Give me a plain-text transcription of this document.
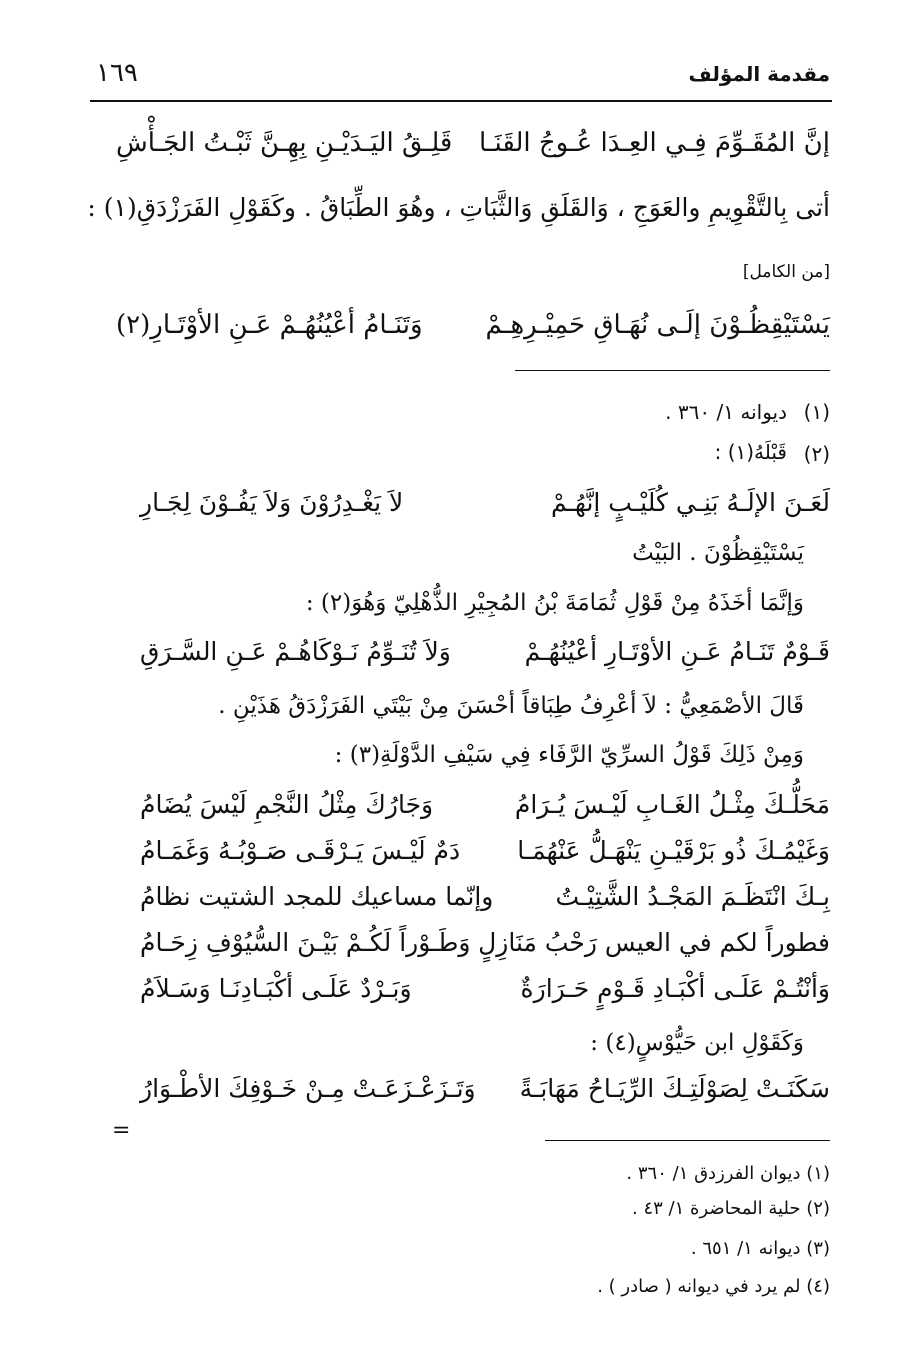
مقدمة المؤلف
١٦٩
إنَّ المُقَـوِّمَ فِـي العِـدَا عُـوجُ القَنَـا
قَلِـقُ اليَـدَيْـنِ بِهِـنَّ ثَبْـتُ الجَـأْشِ
أتى بِالتَّقْوِيمِ والعَوَجِ ، وَالقَلَقِ وَالثَّبَاتِ ، وهُوَ الطِّبَاقُ . وكَقَوْلِ الفَرَزْدَقِ(١) :
[من الكامل]
يَسْتَيْقِظُـوْنَ إلَـى نُهَـاقِ حَمِيْـرِهِـمْ
وَتَنَـامُ أعْيُنُهُـمْ عَـنِ الأوْتَـارِ(٢)
(١)
ديوانه ١/ ٣٦٠ .
(٢)
قَبْلَهُ(١) :
لَعَـنَ الإلَـهُ بَنِـي كُلَيْـبٍ إنَّهُـمْ
لاَ يَغْـدِرُوْنَ وَلاَ يَفُـوْنَ لِجَـارِ
يَسْتَيْقِظُوْنَ . البَيْتُ
وَإنَّمَا أخَذَهُ مِنْ قَوْلِ ثُمَامَةَ بْنُ المُجِيْرِ الذُّهْلِيّ وَهُوَ(٢) :
قَـوْمٌ تَنَـامُ عَـنِ الأوْتَـارِ أعْيُنُهُـمْ
وَلاَ تُنَـوِّمُ نَـوْكَاهُـمْ عَـنِ السَّـرَقِ
قَالَ الأصْمَعِيُّ : لاَ أعْرِفُ طِبَاقاً أحْسَنَ مِنْ بَيْتَي الفَرَزْدَقُ هَذَيْنِ .
وَمِنْ ذَلِكَ قَوْلُ السرِّيّ الرَّفَاء فِي سَيْفِ الدَّوْلَةِ(٣) :
مَحَلُّـكَ مِثْـلُ الغَـابِ لَيْـسَ يُـرَامُ
وَجَارُكَ مِثْلُ النَّجْمِ لَيْسَ يُضَامُ
وَغَيْمُـكَ ذُو بَرْقَيْـنِ يَنْهَـلُّ عَنْهُمَـا
دَمٌ لَيْـسَ يَـرْقَـى صَـوْبُـهُ وَغَمَـامُ
بِـكَ انْتَظَـمَ المَجْـدُ الشَّتِيْـتُ
وإنّما مساعيك للمجد الشتيت نظامُ
فطوراً لكم في العيس رَحْبُ مَنَازِلٍ
وَطَـوْراً لَكُـمْ بَيْـنَ السُّيُوْفِ زِحَـامُ
وَأنْتُـمْ عَلَـى أكْبَـادِ قَـوْمٍ حَـرَارَةٌ
وَبَـرْدٌ عَلَـى أكْبَـادِنَـا وَسَـلاَمُ
وَكَقَوْلِ ابن حَيُّوْسٍ(٤) :
سَكَنَـتْ لِصَوْلَتِـكَ الرِّيَـاحُ مَهَابَـةً
وَتَـزَعْـزَعَـتْ مِـنْ خَـوْفِكَ الأطْـوَارُ
=
(١) ديوان الفرزدق ١/ ٣٦٠ .
(٢) حلية المحاضرة ١/ ٤٣ .
(٣) ديوانه ١/ ٦٥١ .
(٤) لم يرد في ديوانه ( صادر ) .
